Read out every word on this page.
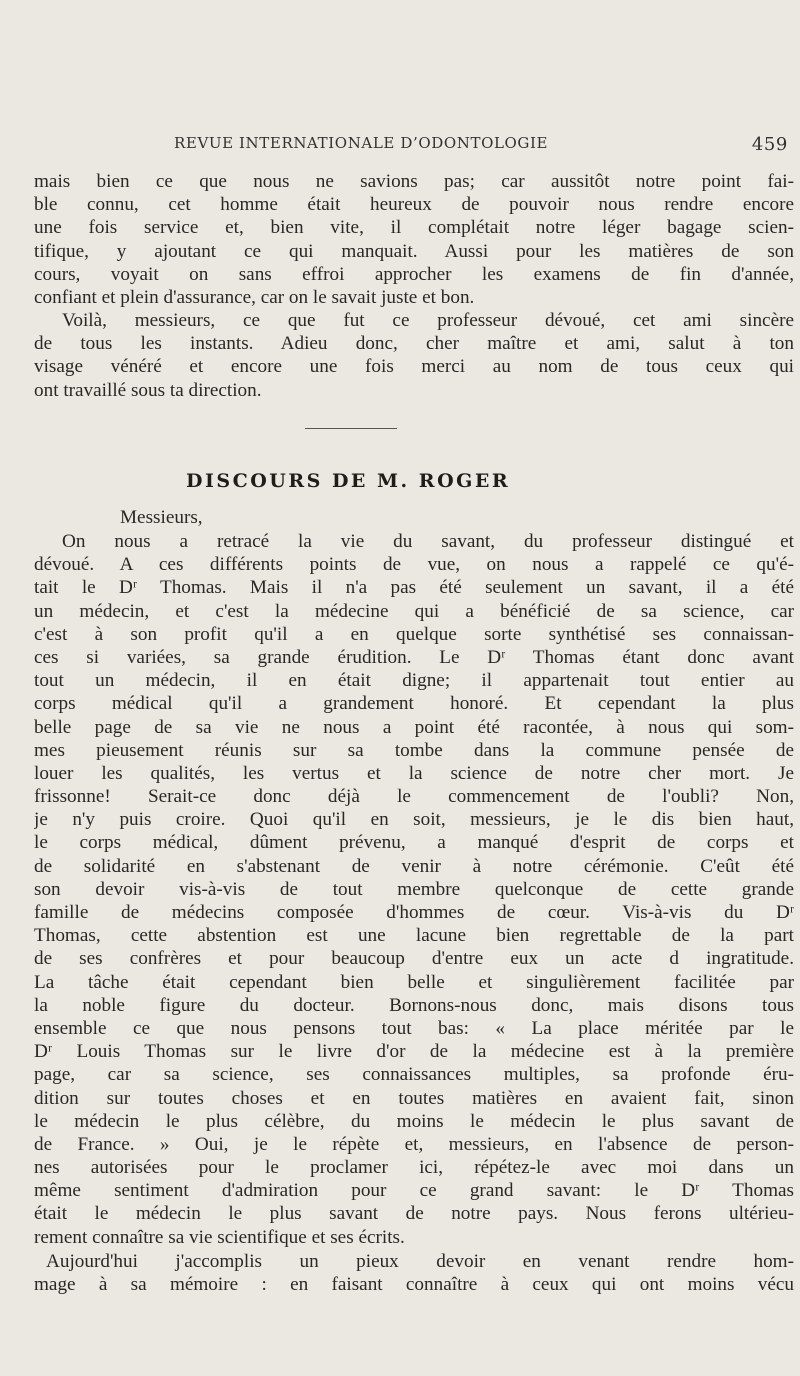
REVUE INTERNATIONALE D’ODONTOLOGIE	459
mais bien ce que nous ne savions pas; car aussitôt notre point fai-
ble connu, cet homme était heureux de pouvoir nous rendre encore
une fois service et, bien vite, il complétait notre léger bagage scien-
tifique, y ajoutant ce qui manquait. Aussi pour les matières de son
cours, voyait on sans effroi approcher les examens de fin d'année,
confiant et plein d'assurance, car on le savait juste et bon.
Voilà, messieurs, ce que fut ce professeur dévoué, cet ami sincère
de tous les instants. Adieu donc, cher maître et ami, salut à ton
visage vénéré et encore une fois merci au nom de tous ceux qui
ont travaillé sous ta direction.
DISCOURS DE M. ROGER
Messieurs,
On nous a retracé la vie du savant, du professeur distingué et
dévoué. A ces différents points de vue, on nous a rappelé ce qu'é-
tait le Dʳ Thomas. Mais il n'a pas été seulement un savant, il a été
un médecin, et c'est la médecine qui a bénéficié de sa science, car
c'est à son profit qu'il a en quelque sorte synthétisé ses connaissan-
ces si variées, sa grande érudition. Le Dʳ Thomas étant donc avant
tout un médecin, il en était digne; il appartenait tout entier au
corps médical qu'il a grandement honoré. Et cependant la plus
belle page de sa vie ne nous a point été racontée, à nous qui som-
mes pieusement réunis sur sa tombe dans la commune pensée de
louer les qualités, les vertus et la science de notre cher mort. Je
frissonne! Serait-ce donc déjà le commencement de l'oubli? Non,
je n'y puis croire. Quoi qu'il en soit, messieurs, je le dis bien haut,
le corps médical, dûment prévenu, a manqué d'esprit de corps et
de solidarité en s'abstenant de venir à notre cérémonie. C'eût été
son devoir vis-à-vis de tout membre quelconque de cette grande
famille de médecins composée d'hommes de cœur. Vis-à-vis du Dʳ
Thomas, cette abstention est une lacune bien regrettable de la part
de ses confrères et pour beaucoup d'entre eux un acte d ingratitude.
La tâche était cependant bien belle et singulièrement facilitée par
la noble figure du docteur. Bornons-nous donc, mais disons tous
ensemble ce que nous pensons tout bas: « La place méritée par le
Dʳ Louis Thomas sur le livre d'or de la médecine est à la première
page, car sa science, ses connaissances multiples, sa profonde éru-
dition sur toutes choses et en toutes matières en avaient fait, sinon
le médecin le plus célèbre, du moins le médecin le plus savant de
de France. » Oui, je le répète et, messieurs, en l'absence de person-
nes autorisées pour le proclamer ici, répétez-le avec moi dans un
même sentiment d'admiration pour ce grand savant: le Dʳ Thomas
était le médecin le plus savant de notre pays. Nous ferons ultérieu-
rement connaître sa vie scientifique et ses écrits.
Aujourd'hui j'accomplis un pieux devoir en venant rendre hom-
mage à sa mémoire : en faisant connaître à ceux qui ont moins vécu
